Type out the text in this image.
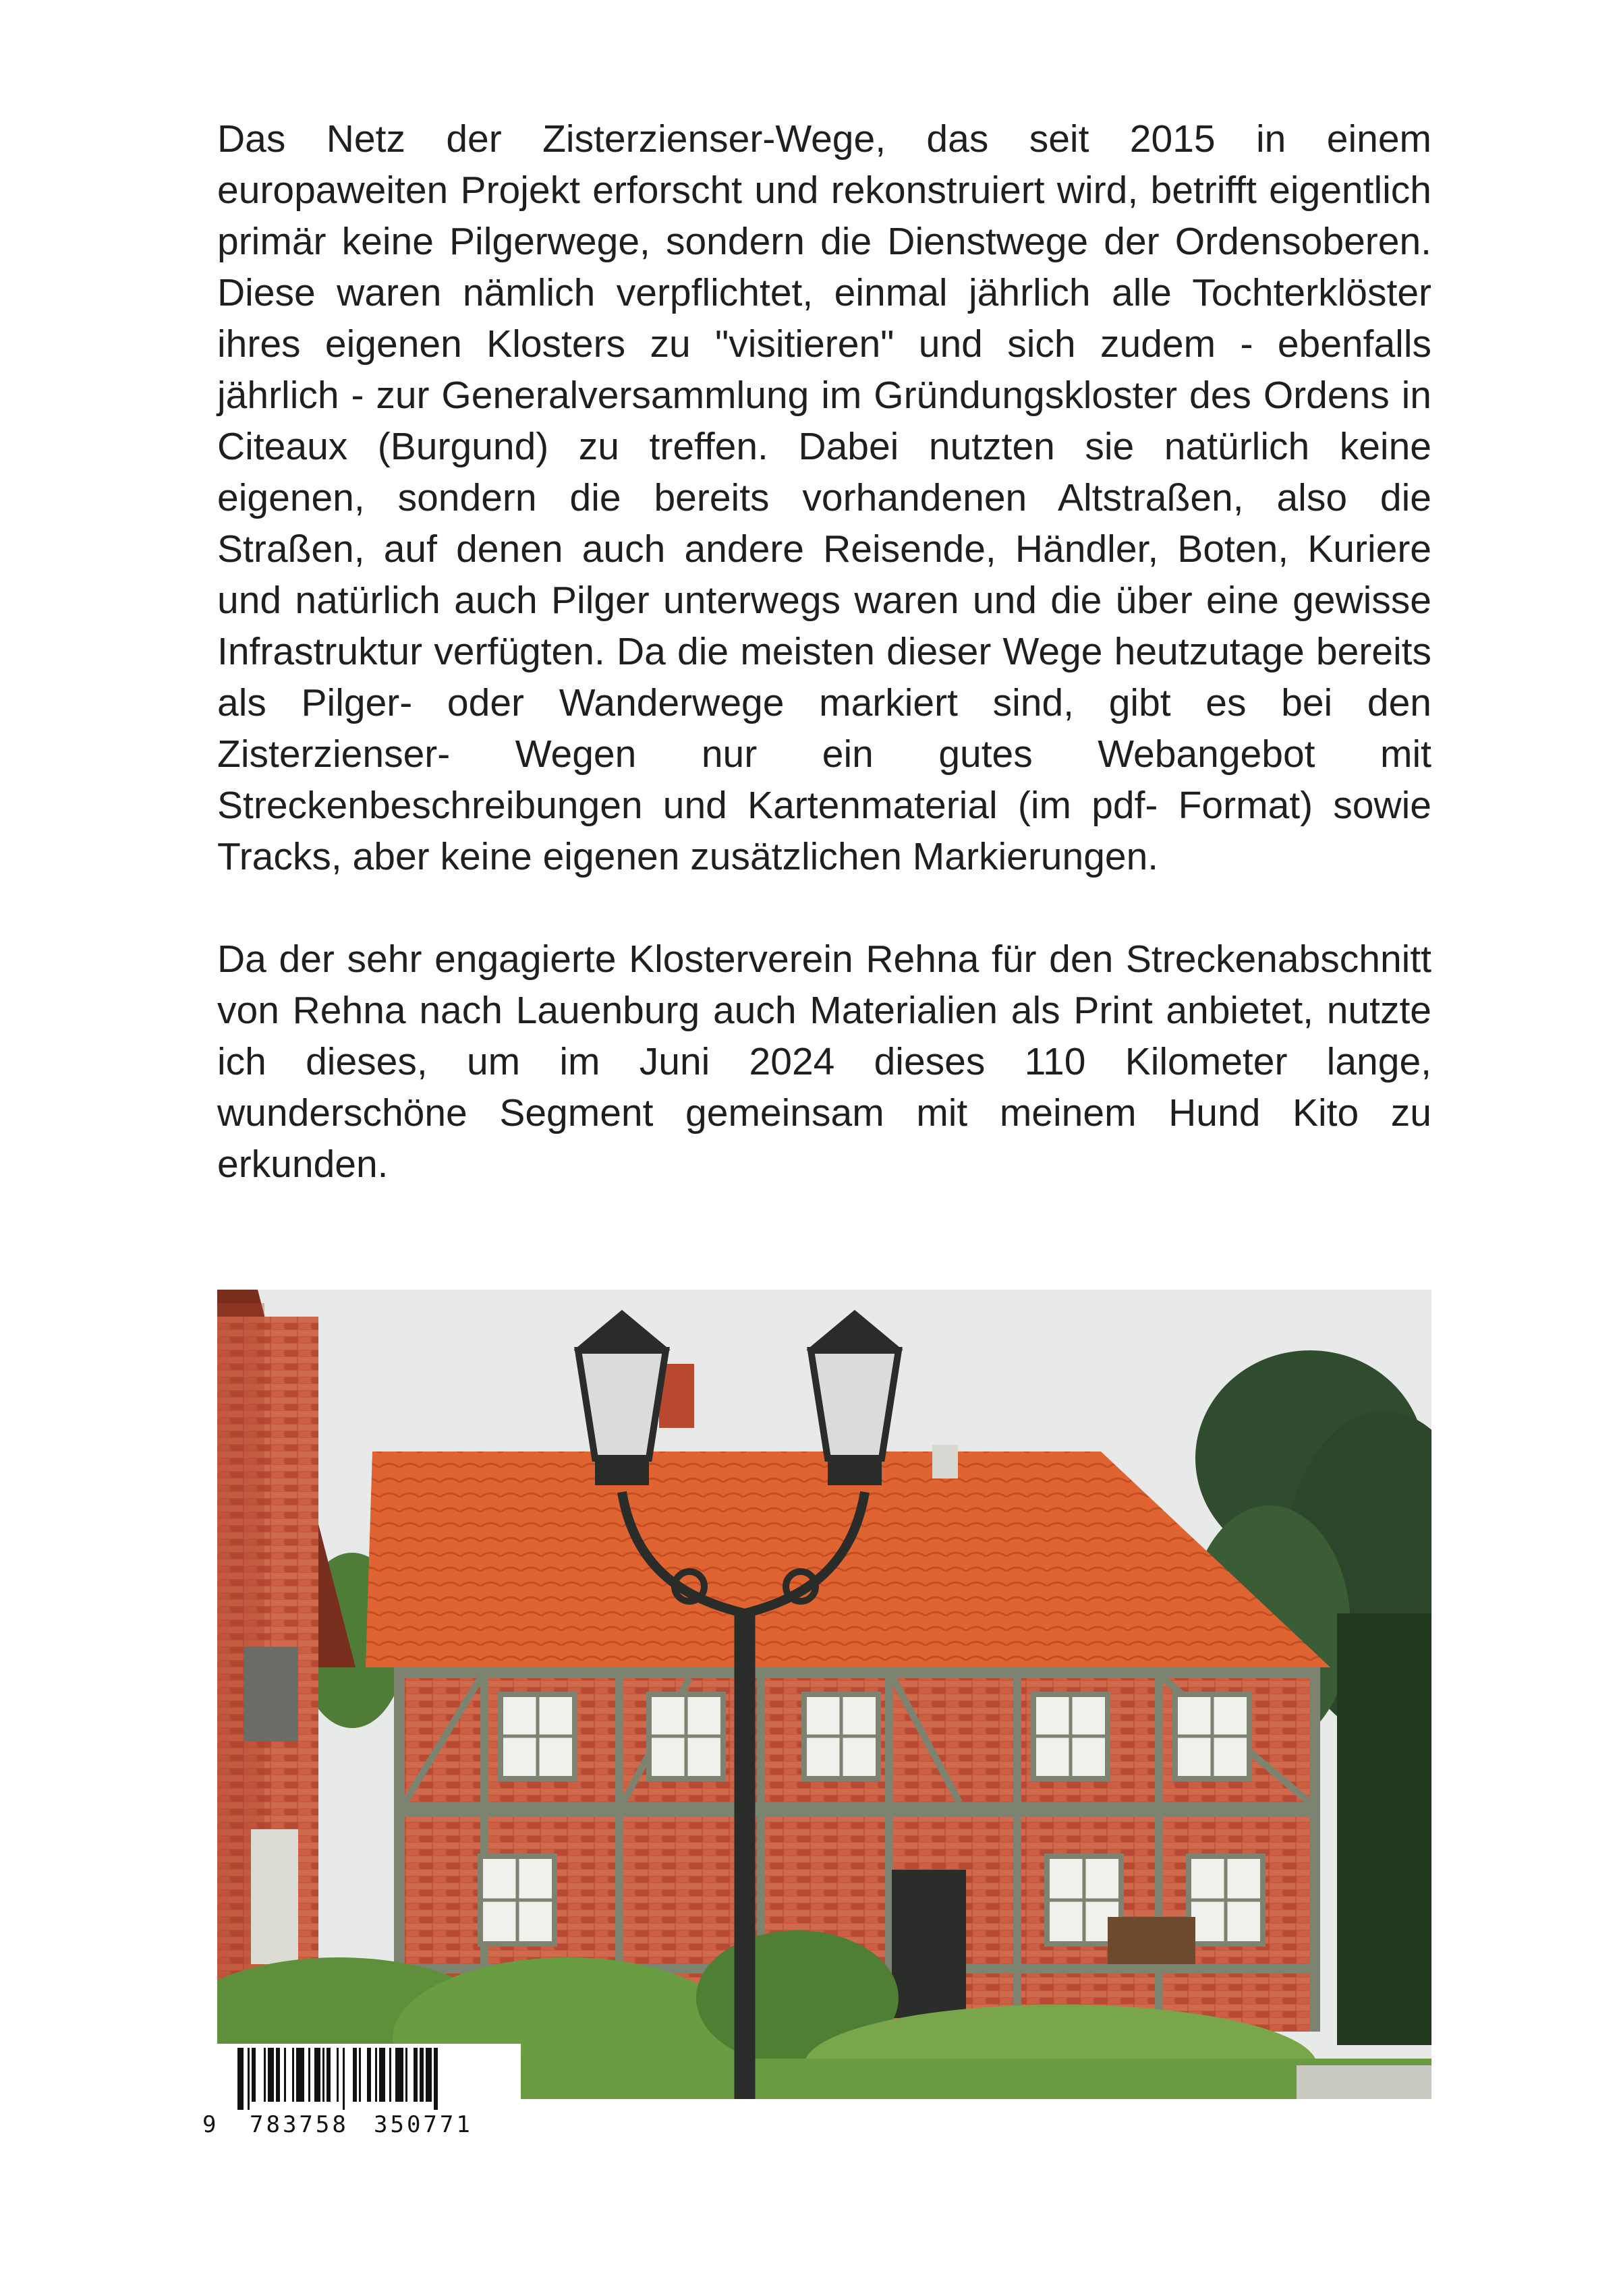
Das Netz der Zisterzienser-Wege, das seit 2015 in einem europaweiten Projekt erforscht und rekonstruiert wird, betrifft eigentlich primär keine Pilgerwege, sondern die Dienstwege der Ordensoberen. Diese waren nämlich verpflichtet, einmal jährlich alle Tochterklöster ihres eigenen Klosters zu "visitieren" und sich zudem - ebenfalls jährlich - zur Generalversammlung im Gründungskloster des Ordens in Citeaux (Burgund) zu treffen. Dabei nutzten sie natürlich keine eigenen, sondern die bereits vorhandenen Altstraßen, also die Straßen, auf denen auch andere Reisende, Händler, Boten, Kuriere und natürlich auch Pilger unterwegs waren und die über eine gewisse Infrastruktur verfügten. Da die meisten dieser Wege heutzutage bereits als Pilger- oder Wanderwege markiert sind, gibt es bei den Zisterzienser- Wegen nur ein gutes Webangebot mit Streckenbeschreibungen und Kartenmaterial (im pdf- Format) sowie Tracks, aber keine eigenen zusätzlichen Markierungen.

Da der sehr engagierte Klosterverein Rehna für den Streckenabschnitt von Rehna nach Lauenburg auch Materialien als Print anbietet, nutzte ich dieses, um im Juni 2024 dieses 110 Kilometer lange, wunderschöne Segment gemeinsam mit meinem Hund Kito zu erkunden.

9 783758 350771
